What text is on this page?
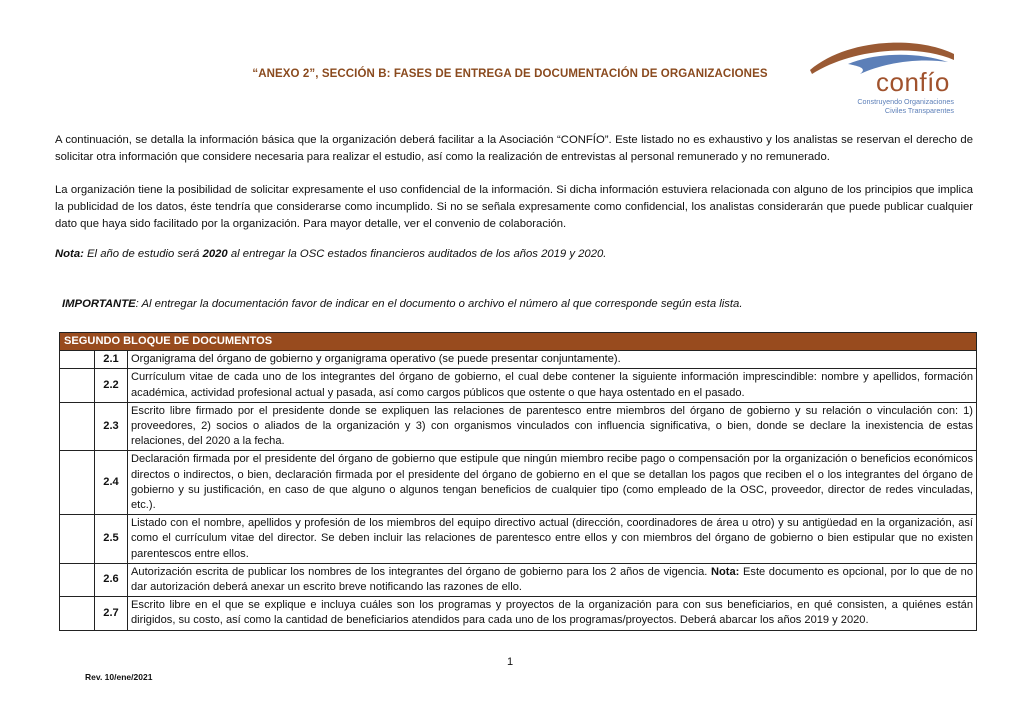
“ANEXO 2”, SECCIÓN B: FASES DE ENTREGA DE DOCUMENTACIÓN DE ORGANIZACIONES	confío
Construyendo Organizaciones
Civiles Transparentes

A continuación, se detalla la información básica que la organización deberá facilitar a la Asociación “CONFÍO”. Este listado no es exhaustivo y los analistas se reservan el derecho de solicitar otra información que considere necesaria para realizar el estudio, así como la realización de entrevistas al personal remunerado y no remunerado.

La organización tiene la posibilidad de solicitar expresamente el uso confidencial de la información. Si dicha información estuviera relacionada con alguno de los principios que implica la publicidad de los datos, éste tendría que considerarse como incumplido. Si no se señala expresamente como confidencial, los analistas considerarán que puede publicar cualquier dato que haya sido facilitado por la organización. Para mayor detalle, ver el convenio de colaboración.

Nota: El año de estudio será 2020 al entregar la OSC estados financieros auditados de los años 2019 y 2020.
IMPORTANTE: Al entregar la documentación favor de indicar en el documento o archivo el número al que corresponde según esta lista.
SEGUNDO BLOQUE DE DOCUMENTOS		
	2.1	Organigrama del órgano de gobierno y organigrama operativo (se puede presentar conjuntamente).
	2.2	Currículum vitae de cada uno de los integrantes del órgano de gobierno, el cual debe contener la siguiente información imprescindible: nombre y apellidos, formación académica, actividad profesional actual y pasada, así como cargos públicos que ostente o que haya ostentado en el pasado.
	2.3	Escrito libre firmado por el presidente donde se expliquen las relaciones de parentesco entre miembros del órgano de gobierno y su relación o vinculación con: 1) proveedores, 2) socios o aliados de la organización y 3) con organismos vinculados con influencia significativa, o bien, donde se declare la inexistencia de estas relaciones, del 2020 a la fecha.
	2.4	Declaración firmada por el presidente del órgano de gobierno que estipule que ningún miembro recibe pago o compensación por la organización o beneficios económicos directos o indirectos, o bien, declaración firmada por el presidente del órgano de gobierno en el que se detallan los pagos que reciben el o los integrantes del órgano de gobierno y su justificación, en caso de que alguno o algunos tengan beneficios de cualquier tipo (como empleado de la OSC, proveedor, director de redes vinculadas, etc.).
	2.5	Listado con el nombre, apellidos y profesión de los miembros del equipo directivo actual (dirección, coordinadores de área u otro) y su antigüedad en la organización, así como el currículum vitae del director. Se deben incluir las relaciones de parentesco entre ellos y con miembros del órgano de gobierno o bien estipular que no existen parentescos entre ellos.
	2.6	Autorización escrita de publicar los nombres de los integrantes del órgano de gobierno para los 2 años de vigencia. Nota: Este documento es opcional, por lo que de no dar autorización deberá anexar un escrito breve notificando las razones de ello.
	2.7	Escrito libre en el que se explique e incluya cuáles son los programas y proyectos de la organización para con sus beneficiarios, en qué consisten, a quiénes están dirigidos, su costo, así como la cantidad de beneficiarios atendidos para cada uno de los programas/proyectos. Deberá abarcar los años 2019 y 2020.
1
Rev. 10/ene/2021
